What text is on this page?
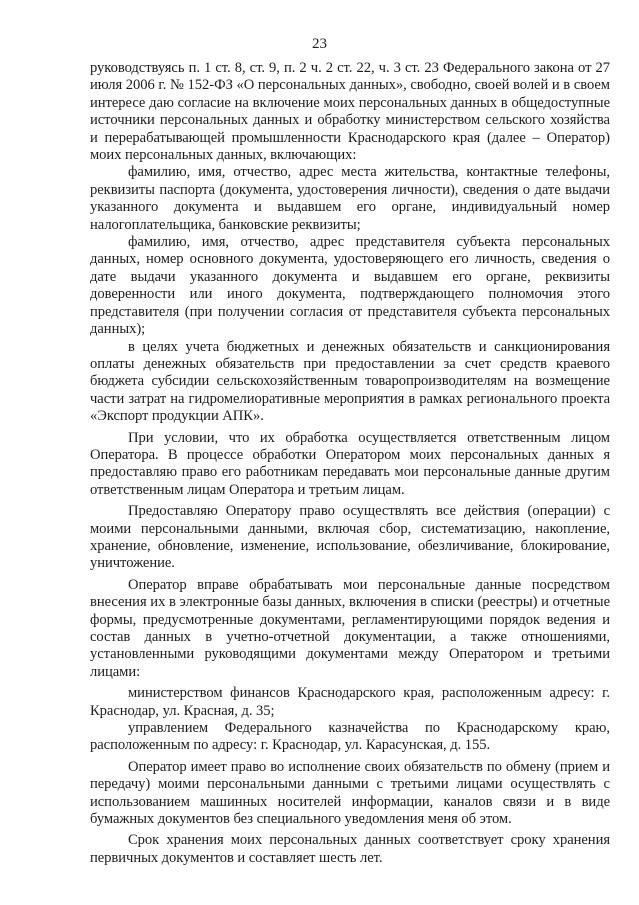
23

руководствуясь п. 1 ст. 8, ст. 9, п. 2 ч. 2 ст. 22, ч. 3 ст. 23 Федерального закона от 27 июля 2006 г. № 152-ФЗ «О персональных данных», свободно, своей волей и в своем интересе даю согласие на включение моих персональных данных в общедоступные источники персональных данных и обработку министерством сельского хозяйства и перерабатывающей промышленности Краснодарского края (далее – Оператор) моих персональных данных, включающих:

фамилию, имя, отчество, адрес места жительства, контактные телефоны, реквизиты паспорта (документа, удостоверения личности), сведения о дате выдачи указанного документа и выдавшем его органе, индивидуальный номер налогоплательщика, банковские реквизиты;

фамилию, имя, отчество, адрес представителя субъекта персональных данных, номер основного документа, удостоверяющего его личность, сведения о дате выдачи указанного документа и выдавшем его органе, реквизиты доверенности или иного документа, подтверждающего полномочия этого представителя (при получении согласия от представителя субъекта персональных данных);

в целях учета бюджетных и денежных обязательств и санкционирования оплаты денежных обязательств при предоставлении за счет средств краевого бюджета субсидии сельскохозяйственным товаропроизводителям на возмещение части затрат на гидромелиоративные мероприятия в рамках регионального проекта «Экспорт продукции АПК».

При условии, что их обработка осуществляется ответственным лицом Оператора. В процессе обработки Оператором моих персональных данных я предоставляю право его работникам передавать мои персональные данные другим ответственным лицам Оператора и третьим лицам.

Предоставляю Оператору право осуществлять все действия (операции) с моими персональными данными, включая сбор, систематизацию, накопление, хранение, обновление, изменение, использование, обезличивание, блокирование, уничтожение.

Оператор вправе обрабатывать мои персональные данные посредством внесения их в электронные базы данных, включения в списки (реестры) и отчетные формы, предусмотренные документами, регламентирующими порядок ведения и состав данных в учетно-отчетной документации, а также отношениями, установленными руководящими документами между Оператором и третьими лицами:

министерством финансов Краснодарского края, расположенным адресу: г. Краснодар, ул. Красная, д. 35;

управлением Федерального казначейства по Краснодарскому краю, расположенным по адресу: г. Краснодар, ул. Карасунская, д. 155.

Оператор имеет право во исполнение своих обязательств по обмену (прием и передачу) моими персональными данными с третьими лицами осуществлять с использованием машинных носителей информации, каналов связи и в виде бумажных документов без специального уведомления меня об этом.

Срок хранения моих персональных данных соответствует сроку хранения первичных документов и составляет шесть лет.
